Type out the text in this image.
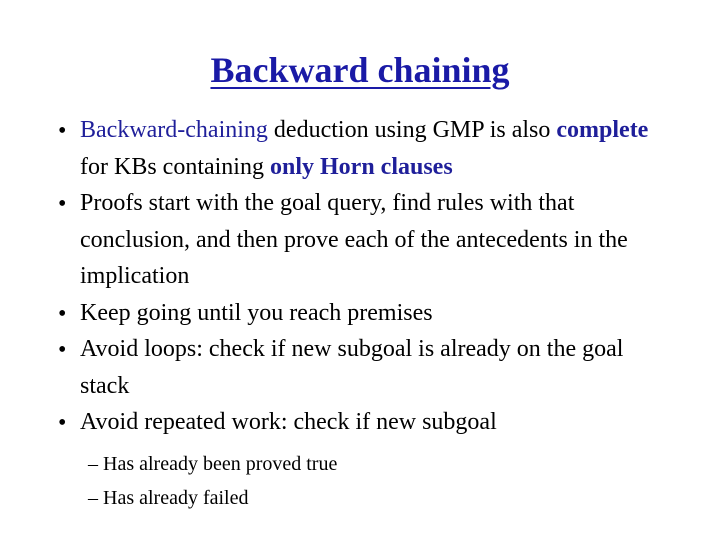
Backward chaining
• Backward-chaining deduction using GMP is also complete for KBs containing only Horn clauses
• Proofs start with the goal query, find rules with that conclusion, and then prove each of the antecedents in the implication
• Keep going until you reach premises
• Avoid loops: check if new subgoal is already on the goal stack
• Avoid repeated work: check if new subgoal
– Has already been proved true
– Has already failed
